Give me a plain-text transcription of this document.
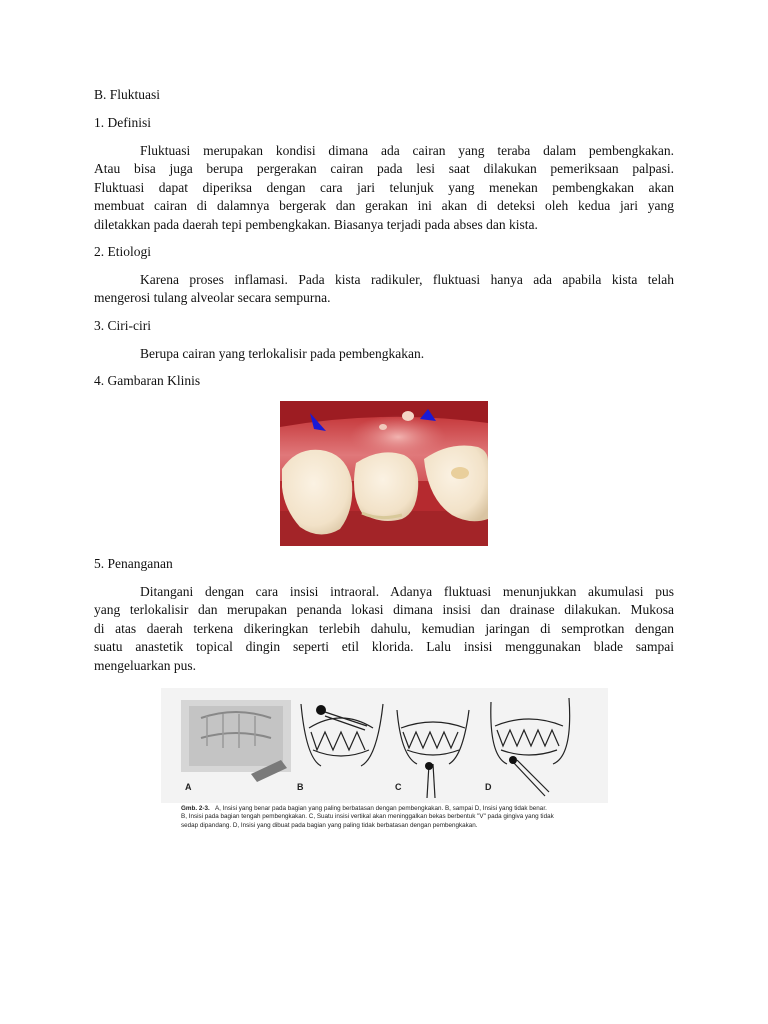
B. Fluktuasi

1. Definisi

Fluktuasi merupakan kondisi dimana ada cairan yang teraba dalam pembengkakan.

Atau bisa juga berupa pergerakan cairan pada lesi saat dilakukan pemeriksaan palpasi.

Fluktuasi dapat diperiksa dengan cara jari telunjuk yang menekan pembengkakan akan

membuat cairan di dalamnya bergerak dan gerakan ini akan di deteksi oleh kedua jari yang

diletakkan pada daerah tepi pembengkakan. Biasanya terjadi pada abses dan kista.

2. Etiologi

Karena proses inflamasi. Pada kista radikuler, fluktuasi hanya ada apabila kista telah

mengerosi tulang alveolar secara sempurna.

3. Ciri-ciri

Berupa cairan yang terlokalisir pada pembengkakan.

4. Gambaran Klinis

5. Penanganan

Ditangani dengan cara insisi intraoral. Adanya fluktuasi menunjukkan akumulasi pus

yang terlokalisir dan merupakan penanda lokasi dimana insisi dan drainase dilakukan. Mukosa

di atas daerah terkena dikeringkan terlebih dahulu, kemudian jaringan di semprotkan dengan

suatu anastetik topical dingin seperti etil klorida. Lalu insisi menggunakan blade sampai

mengeluarkan pus.

A	B	C	D
Gmb. 2-3. A, Insisi yang benar pada bagian yang paling berbatasan dengan pembengkakan. B, sampai D, Insisi yang tidak benar.
B, Insisi pada bagian tengah pembengkakan. C, Suatu insisi vertikal akan meninggalkan bekas berbentuk "V" pada gingiva yang tidak
sedap dipandang. D, Insisi yang dibuat pada bagian yang paling tidak berbatasan dengan pembengkakan.
